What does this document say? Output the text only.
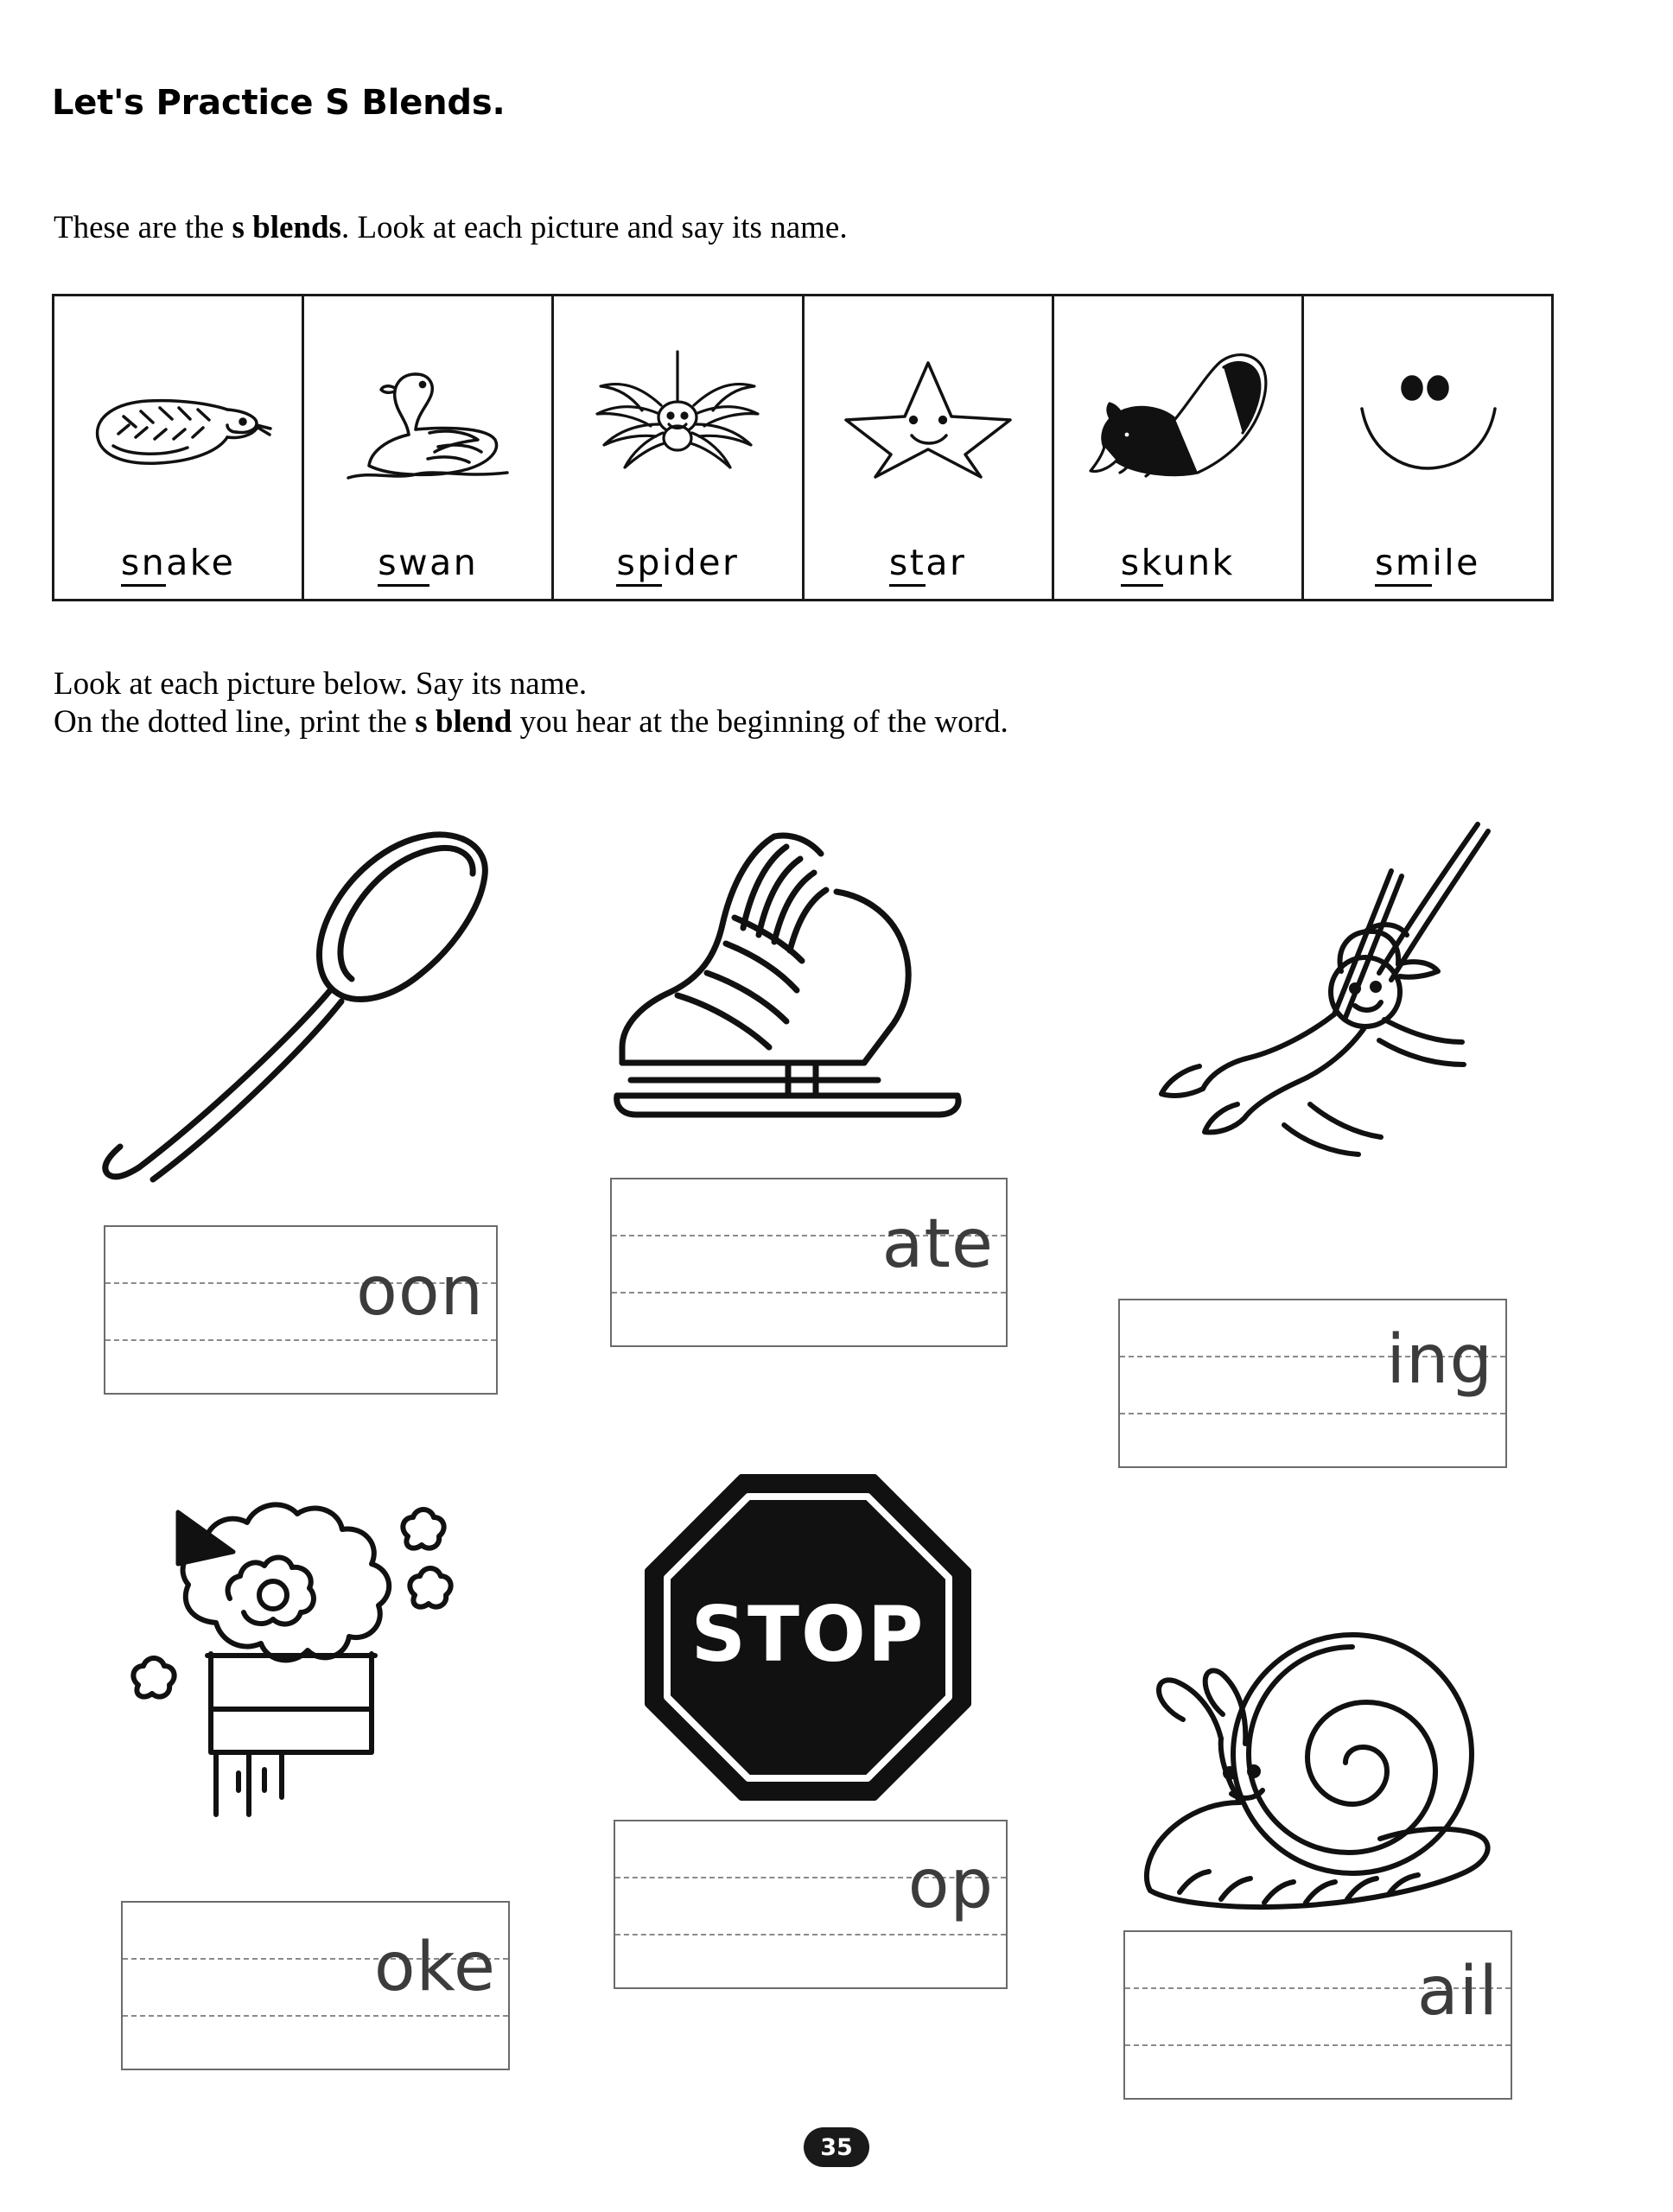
Let's Practice S Blends.
These are the s blends. Look at each picture and say its name.
snake	swan	spider	star	skunk	smile
Look at each picture below. Say its name.
On the dotted line, print the s blend you hear at the beginning of the word.
oon
ate
ing
oke
STOP
op
ail
35
